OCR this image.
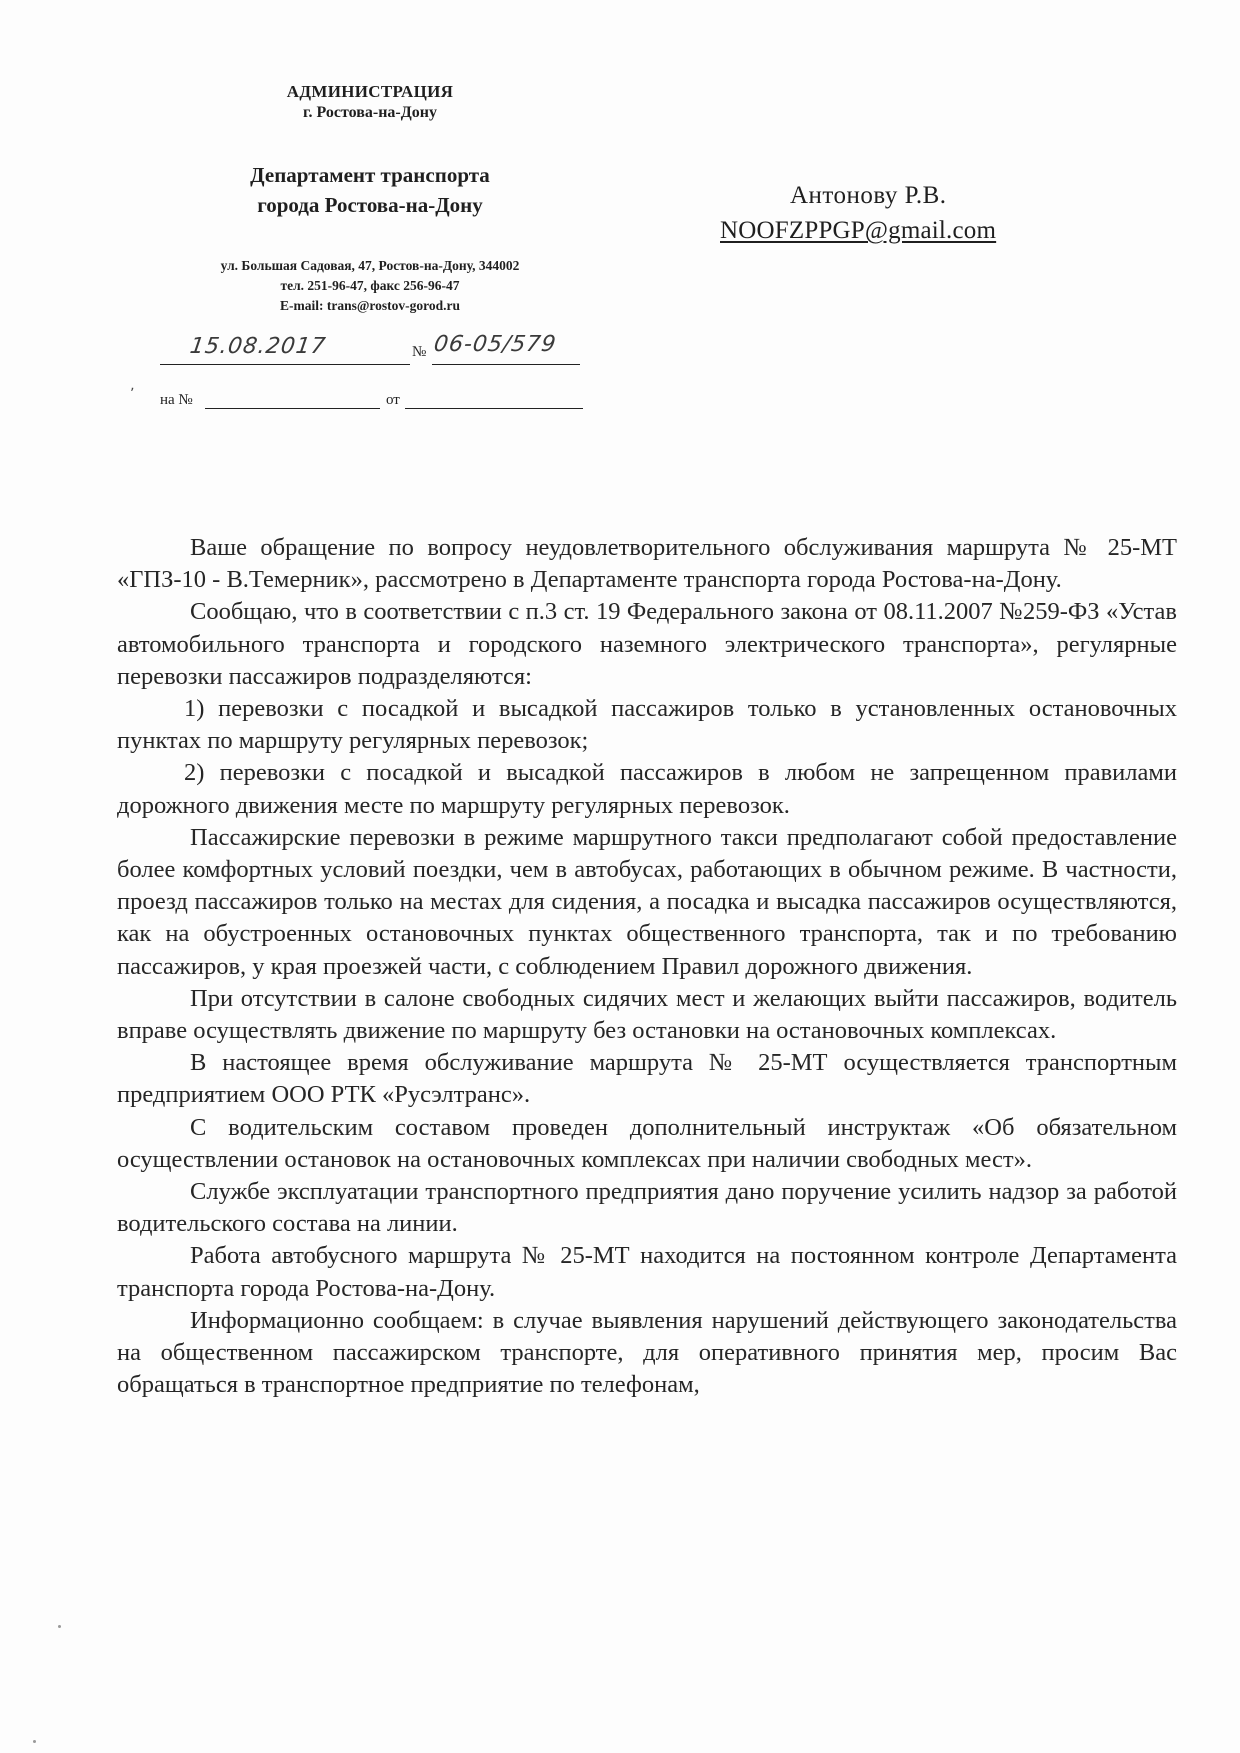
АДМИНИСТРАЦИЯ
г. Ростова-на-Дону
Департамент транспорта
города Ростова-на-Дону
ул. Большая Садовая, 47, Ростов-на-Дону, 344002
тел. 251-96-47, факс 256-96-47
E-mail: trans@rostov-gorod.ru
15.08.2017	№ 06-05/579
ʼ на №	от
Антонову Р.В.
NOOFZPPGP@gmail.com

Ваше обращение по вопросу неудовлетворительного обслуживания маршрута № 25-МТ «ГПЗ-10 - В.Темерник», рассмотрено в Департаменте транспорта города Ростова-на-Дону.

Сообщаю, что в соответствии с п.3 ст. 19 Федерального закона от 08.11.2007 №259-ФЗ «Устав автомобильного транспорта и городского наземного электрического транспорта», регулярные перевозки пассажиров подразделяются:

1) перевозки с посадкой и высадкой пассажиров только в установленных остановочных пунктах по маршруту регулярных перевозок;

2) перевозки с посадкой и высадкой пассажиров в любом не запрещенном правилами дорожного движения месте по маршруту регулярных перевозок.

Пассажирские перевозки в режиме маршрутного такси предполагают собой предоставление более комфортных условий поездки, чем в автобусах, работающих в обычном режиме. В частности, проезд пассажиров только на местах для сидения, а посадка и высадка пассажиров осуществляются, как на обустроенных остановочных пунктах общественного транспорта, так и по требованию пассажиров, у края проезжей части, с соблюдением Правил дорожного движения.

При отсутствии в салоне свободных сидячих мест и желающих выйти пассажиров, водитель вправе осуществлять движение по маршруту без остановки на остановочных комплексах.

В настоящее время обслуживание маршрута № 25-МТ осуществляется транспортным предприятием ООО РТК «Русэлтранс».

С водительским составом проведен дополнительный инструктаж «Об обязательном осуществлении остановок на остановочных комплексах при наличии свободных мест».

Службе эксплуатации транспортного предприятия дано поручение усилить надзор за работой водительского состава на линии.

Работа автобусного маршрута № 25-МТ находится на постоянном контроле Департамента транспорта города Ростова-на-Дону.

Информационно сообщаем: в случае выявления нарушений действующего законодательства на общественном пассажирском транспорте, для оперативного принятия мер, просим Вас обращаться в транспортное предприятие по телефонам,
